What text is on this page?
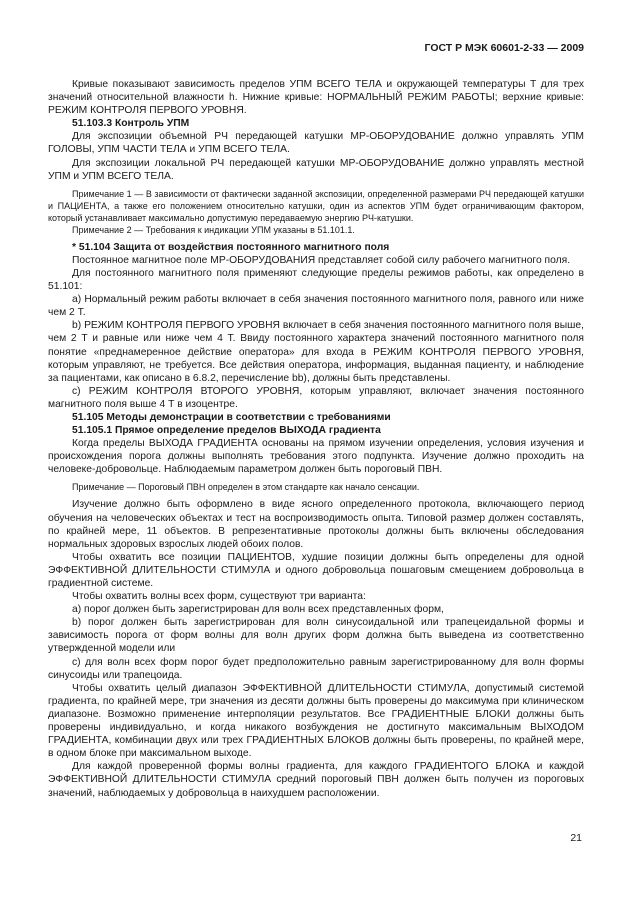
ГОСТ Р МЭК 60601-2-33 — 2009

Кривые показывают зависимость пределов УПМ ВСЕГО ТЕЛА и окружающей температуры T для трех значений относительной влажности h. Нижние кривые: НОРМАЛЬНЫЙ РЕЖИМ РАБОТЫ; верхние кривые: РЕЖИМ КОНТРОЛЯ ПЕРВОГО УРОВНЯ.

51.103.3 Контроль УПМ

Для экспозиции объемной РЧ передающей катушки МР-ОБОРУДОВАНИЕ должно управлять УПМ ГОЛОВЫ, УПМ ЧАСТИ ТЕЛА и УПМ ВСЕГО ТЕЛА.

Для экспозиции локальной РЧ передающей катушки МР-ОБОРУДОВАНИЕ должно управлять местной УПМ и УПМ ВСЕГО ТЕЛА.

Примечание 1 — В зависимости от фактически заданной экспозиции, определенной размерами РЧ передающей катушки и ПАЦИЕНТА, а также его положением относительно катушки, один из аспектов УПМ будет ограничивающим фактором, который устанавливает максимально допустимую передаваемую энергию РЧ-катушки.

Примечание 2 — Требования к индикации УПМ указаны в 51.101.1.

* 51.104 Защита от воздействия постоянного магнитного поля

Постоянное магнитное поле МР-ОБОРУДОВАНИЯ представляет собой силу рабочего магнитного поля.

Для постоянного магнитного поля применяют следующие пределы режимов работы, как определено в 51.101:

a) Нормальный режим работы включает в себя значения постоянного магнитного поля, равного или ниже чем 2 Т.

b) РЕЖИМ КОНТРОЛЯ ПЕРВОГО УРОВНЯ включает в себя значения постоянного магнитного поля выше, чем 2 Т и равные или ниже чем 4 Т. Ввиду постоянного характера значений постоянного магнитного поля понятие «преднамеренное действие оператора» для входа в РЕЖИМ КОНТРОЛЯ ПЕРВОГО УРОВНЯ, которым управляют, не требуется. Все действия оператора, информация, выданная пациенту, и наблюдение за пациентами, как описано в 6.8.2, перечисление bb), должны быть представлены.

c) РЕЖИМ КОНТРОЛЯ ВТОРОГО УРОВНЯ, которым управляют, включает значения постоянного магнитного поля выше 4 Т в изоцентре.

51.105 Методы демонстрации в соответствии с требованиями

51.105.1 Прямое определение пределов ВЫХОДА градиента

Когда пределы ВЫХОДА ГРАДИЕНТА основаны на прямом изучении определения, условия изучения и происхождения порога должны выполнять требования этого подпункта. Изучение должно проходить на человеке-добровольце. Наблюдаемым параметром должен быть пороговый ПВН.

Примечание — Пороговый ПВН определен в этом стандарте как начало сенсации.

Изучение должно быть оформлено в виде ясного определенного протокола, включающего период обучения на человеческих объектах и тест на воспроизводимость опыта. Типовой размер должен составлять, по крайней мере, 11 объектов. В репрезентативные протоколы должны быть включены обследования нормальных здоровых взрослых людей обоих полов.

Чтобы охватить все позиции ПАЦИЕНТОВ, худшие позиции должны быть определены для одной ЭФФЕКТИВНОЙ ДЛИТЕЛЬНОСТИ СТИМУЛА и одного добровольца пошаговым смещением добровольца в градиентной системе.

Чтобы охватить волны всех форм, существуют три варианта:

a) порог должен быть зарегистрирован для волн всех представленных форм,

b) порог должен быть зарегистрирован для волн синусоидальной или трапецеидальной формы и зависимость порога от форм волны для волн других форм должна быть выведена из соответственно утвержденной модели или

c) для волн всех форм порог будет предположительно равным зарегистрированному для волн формы синусоиды или трапецоида.

Чтобы охватить целый диапазон ЭФФЕКТИВНОЙ ДЛИТЕЛЬНОСТИ СТИМУЛА, допустимый системой градиента, по крайней мере, три значения из десяти должны быть проверены до максимума при клиническом диапазоне. Возможно применение интерполяции результатов. Все ГРАДИЕНТНЫЕ БЛОКИ должны быть проверены индивидуально, и когда никакого возбуждения не достигнуто максимальным ВЫХОДОМ ГРАДИЕНТА, комбинации двух или трех ГРАДИЕНТНЫХ БЛОКОВ должны быть проверены, по крайней мере, в одном блоке при максимальном выходе.

Для каждой проверенной формы волны градиента, для каждого ГРАДИЕНТОГО БЛОКА и каждой ЭФФЕКТИВНОЙ ДЛИТЕЛЬНОСТИ СТИМУЛА средний пороговый ПВН должен быть получен из пороговых значений, наблюдаемых у добровольца в наихудшем расположении.

21
